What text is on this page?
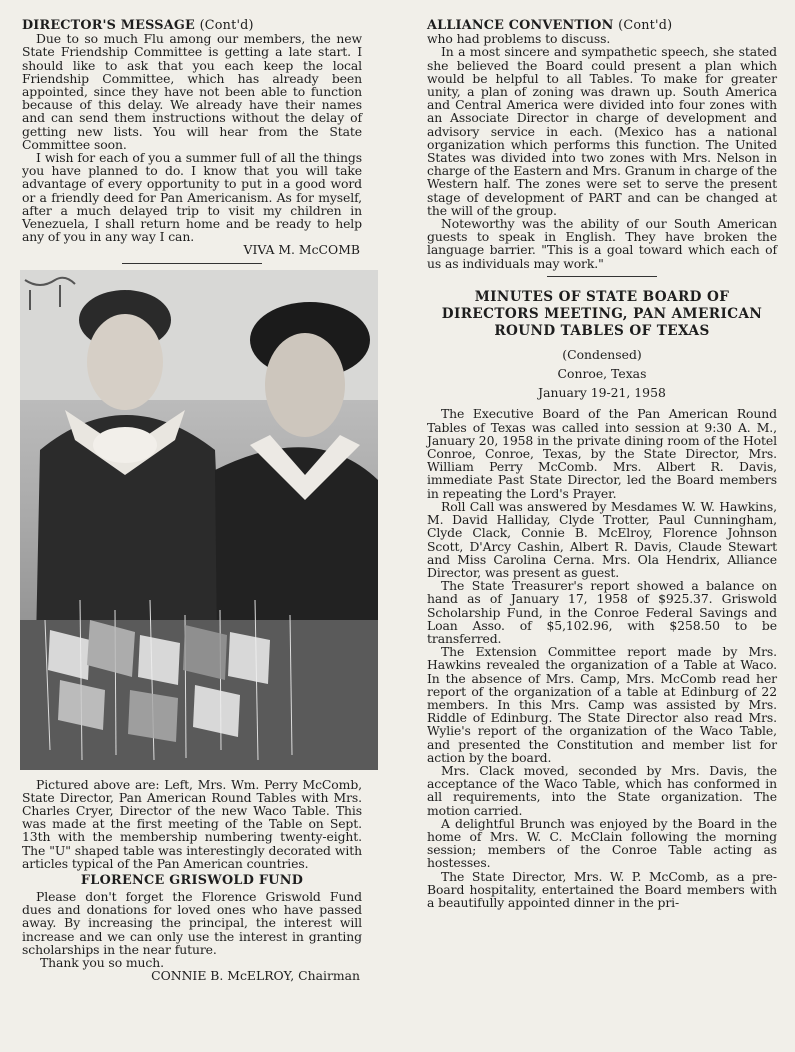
DIRECTOR'S MESSAGE (Cont'd)

Due to so much Flu among our members, the new State Friendship Committee is getting a late start. I should like to ask that you each keep the local Friendship Committee, which has already been appointed, since they have not been able to function because of this delay. We already have their names and can send them instructions without the delay of getting new lists. You will hear from the State Committee soon.

I wish for each of you a summer full of all the things you have planned to do. I know that you will take advantage of every opportunity to put in a good word or a friendly deed for Pan Americanism. As for myself, after a much delayed trip to visit my children in Venezuela, I shall return home and be ready to help any of you in any way I can.

VIVA M. McCOMB

Pictured above are: Left, Mrs. Wm. Perry McComb, State Director, Pan American Round Tables with Mrs. Charles Cryer, Director of the new Waco Table. This was made at the first meeting of the Table on Sept. 13th with the membership numbering twenty-eight. The "U" shaped table was interestingly decorated with articles typical of the Pan American countries.

FLORENCE GRISWOLD FUND

Please don't forget the Florence Griswold Fund dues and donations for loved ones who have passed away. By increasing the principal, the interest will increase and we can only use the interest in granting scholarships in the near future.

Thank you so much.

CONNIE B. McELROY, Chairman

ALLIANCE CONVENTION (Cont'd)

who had problems to discuss.

In a most sincere and sympathetic speech, she stated she believed the Board could present a plan which would be helpful to all Tables. To make for greater unity, a plan of zoning was drawn up. South America and Central America were divided into four zones with an Associate Director in charge of development and advisory service in each. (Mexico has a national organization which performs this function. The United States was divided into two zones with Mrs. Nelson in charge of the Eastern and Mrs. Granum in charge of the Western half. The zones were set to serve the present stage of development of PART and can be changed at the will of the group.

Noteworthy was the ability of our South American guests to speak in English. They have broken the language barrier. "This is a goal toward which each of us as individuals may work."

MINUTES OF STATE BOARD OF DIRECTORS MEETING, PAN AMERICAN ROUND TABLES OF TEXAS

(Condensed)

Conroe, Texas

January 19-21, 1958

The Executive Board of the Pan American Round Tables of Texas was called into session at 9:30 A. M., January 20, 1958 in the private dining room of the Hotel Conroe, Conroe, Texas, by the State Director, Mrs. William Perry McComb. Mrs. Albert R. Davis, immediate Past State Director, led the Board members in repeating the Lord's Prayer.

Roll Call was answered by Mesdames W. W. Hawkins, M. David Halliday, Clyde Trotter, Paul Cunningham, Clyde Clack, Connie B. McElroy, Florence Johnson Scott, D'Arcy Cashin, Albert R. Davis, Claude Stewart and Miss Carolina Cerna. Mrs. Ola Hendrix, Alliance Director, was present as guest.

The State Treasurer's report showed a balance on hand as of January 17, 1958 of $925.37. Griswold Scholarship Fund, in the Conroe Federal Savings and Loan Asso. of $5,102.96, with $258.50 to be transferred.

The Extension Committee report made by Mrs. Hawkins revealed the organization of a Table at Waco. In the absence of Mrs. Camp, Mrs. McComb read her report of the organization of a table at Edinburg of 22 members. In this Mrs. Camp was assisted by Mrs. Riddle of Edinburg. The State Director also read Mrs. Wylie's report of the organization of the Waco Table, and presented the Constitution and member list for action by the board.

Mrs. Clack moved, seconded by Mrs. Davis, the acceptance of the Waco Table, which has conformed in all requirements, into the State organization. The motion carried.

A delightful Brunch was enjoyed by the Board in the home of Mrs. W. C. McClain following the morning session; members of the Conroe Table acting as hostesses.

The State Director, Mrs. W. P. McComb, as a pre-Board hospitality, entertained the Board members with a beautifully appointed dinner in the pri-
